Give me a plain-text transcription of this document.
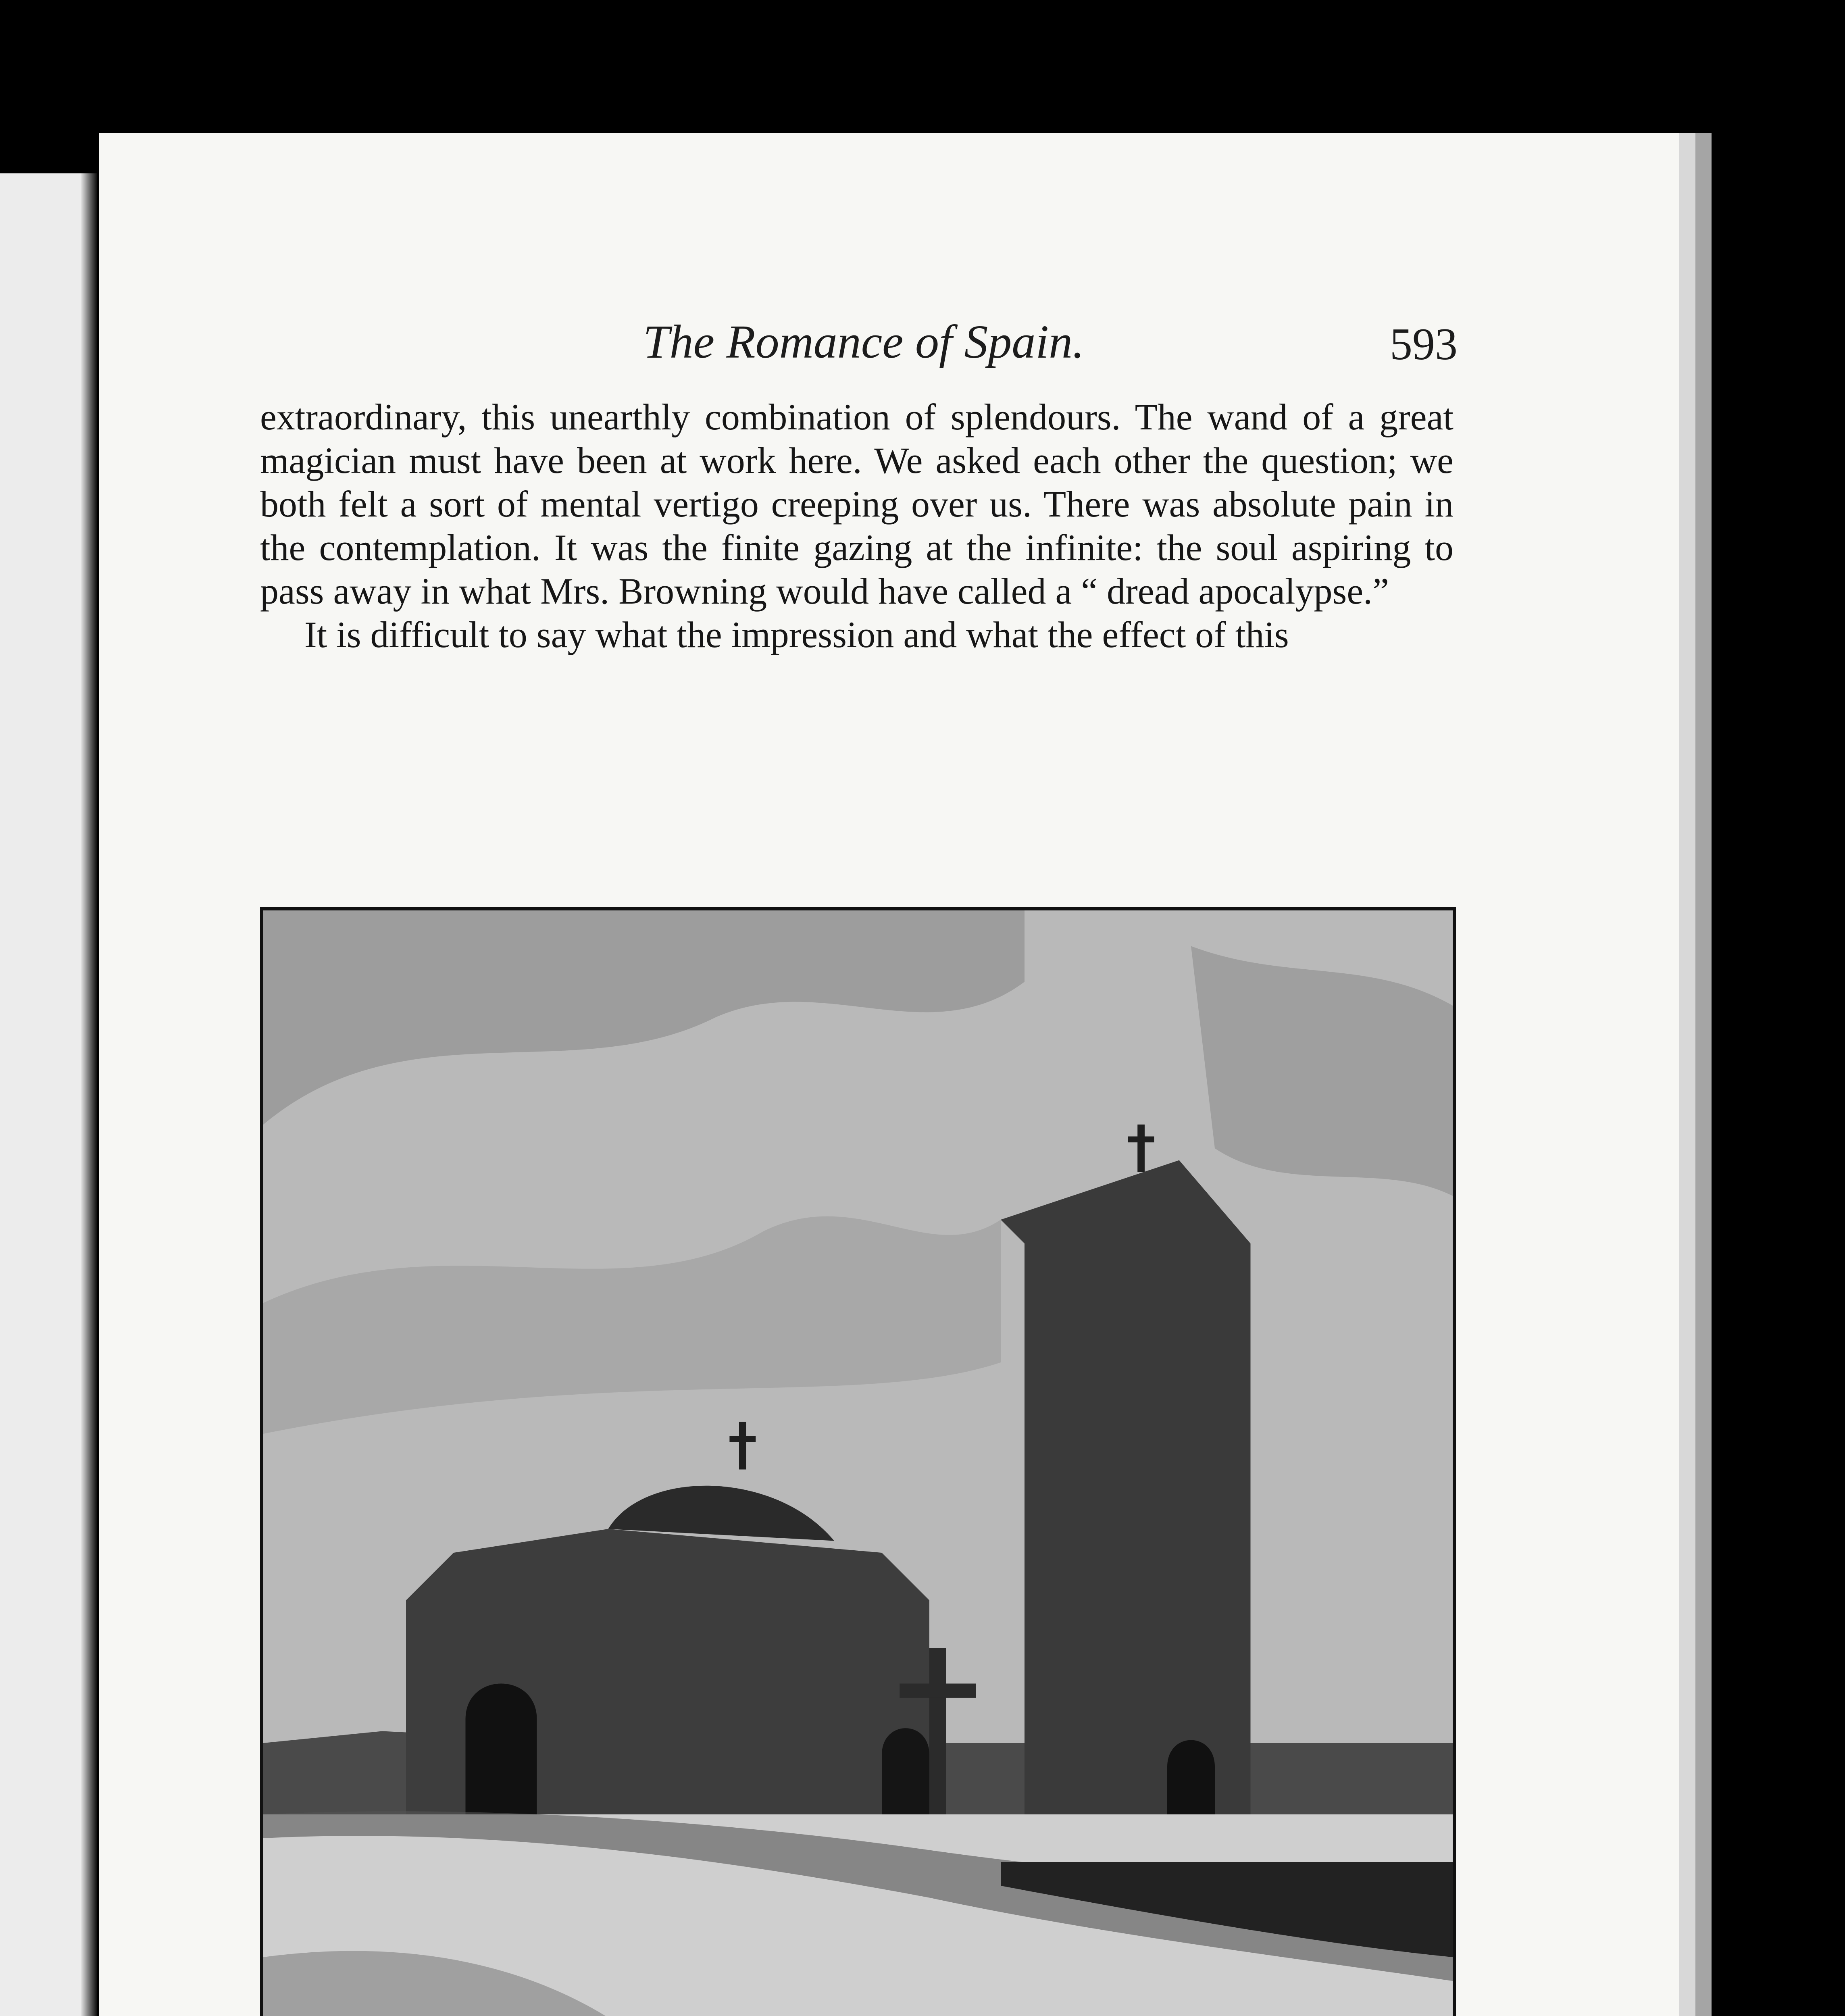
The Romance of Spain.	593

extraordinary, this unearthly combination of splendours. The wand of a great magician must have been at work here. We asked each other the question; we both felt a sort of mental vertigo creeping over us. There was absolute pain in the contemplation. It was the finite gazing at the infinite: the soul aspiring to pass away in what Mrs. Browning would have called a “ dread apocalypse.”

It is difficult to say what the impression and what the effect of this
